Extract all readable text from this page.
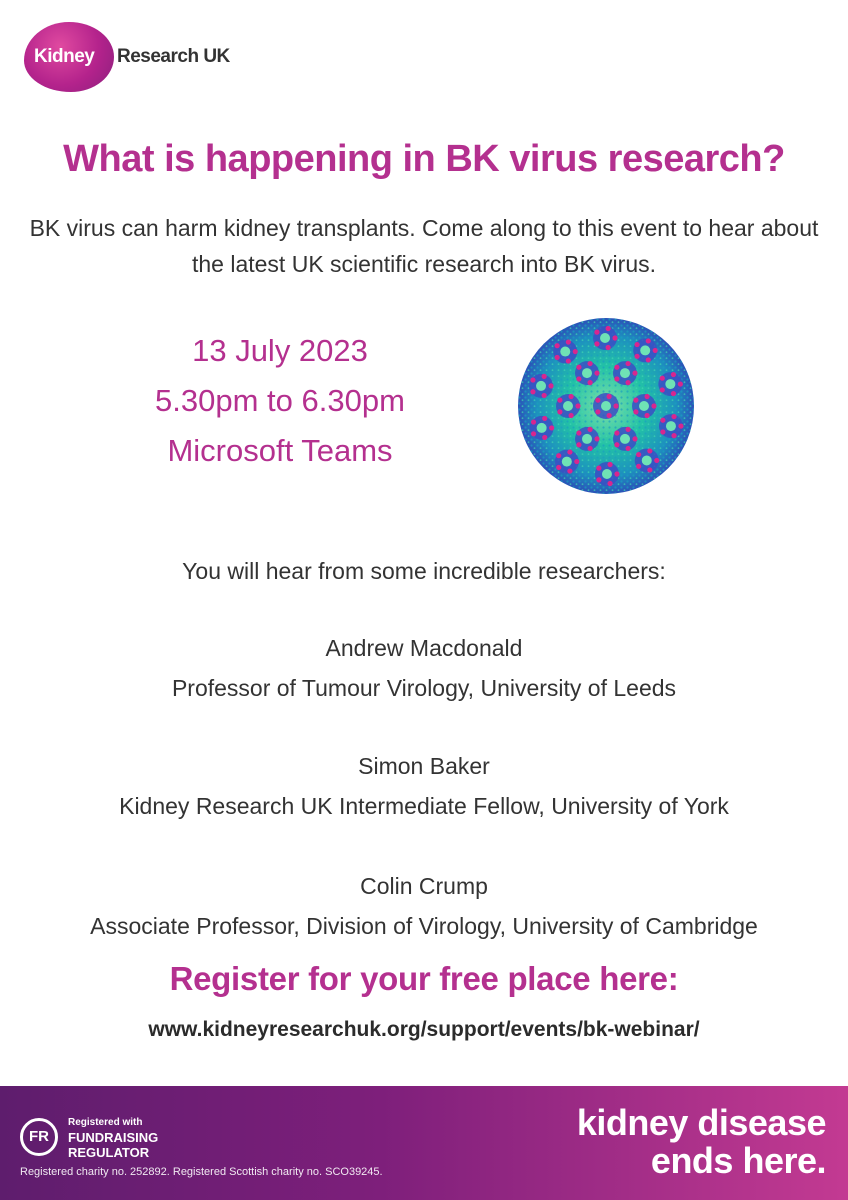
Kidney Research UK
What is happening in BK virus research?

BK virus can harm kidney transplants. Come along to this event to hear about the latest UK scientific research into BK virus.

13 July 2023
5.30pm to 6.30pm
Microsoft Teams
You will hear from some incredible researchers:
Andrew Macdonald
Professor of Tumour Virology, University of Leeds
Simon Baker
Kidney Research UK Intermediate Fellow, University of York
Colin Crump
Associate Professor, Division of Virology, University of Cambridge
Register for your free place here:
www.kidneyresearchuk.org/support/events/bk-webinar/
FR
Registered with
FUNDRAISING
REGULATOR
Registered charity no. 252892. Registered Scottish charity no. SCO39245.
kidney disease
ends here.
